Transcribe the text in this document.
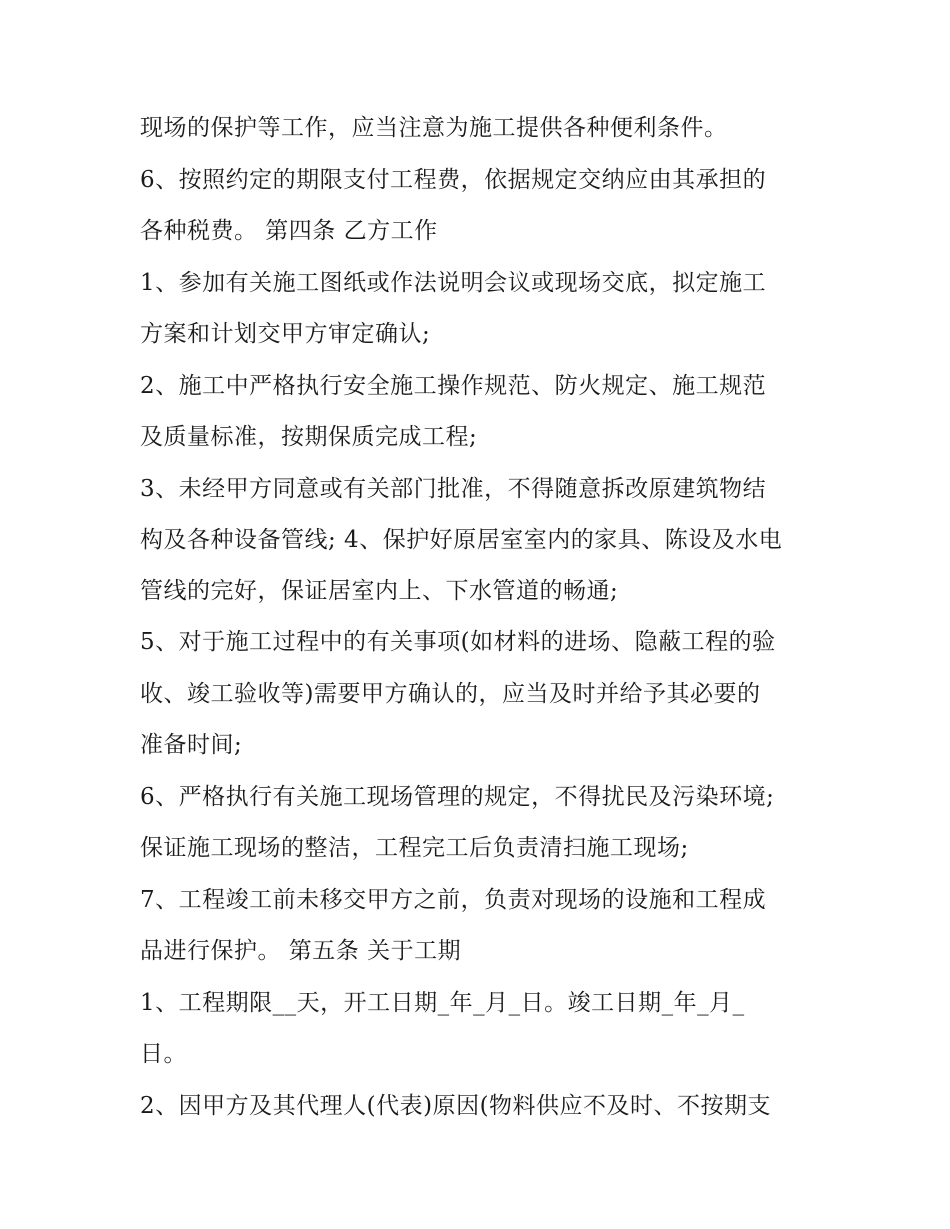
现场的保护等工作，应当注意为施工提供各种便利条件。
6、按照约定的期限支付工程费，依据规定交纳应由其承担的
各种税费。 第四条 乙方工作
1、参加有关施工图纸或作法说明会议或现场交底，拟定施工
方案和计划交甲方审定确认;
2、施工中严格执行安全施工操作规范、防火规定、施工规范
及质量标准，按期保质完成工程;
3、未经甲方同意或有关部门批准，不得随意拆改原建筑物结
构及各种设备管线; 4、保护好原居室室内的家具、陈设及水电
管线的完好，保证居室内上、下水管道的畅通;
5、对于施工过程中的有关事项(如材料的进场、隐蔽工程的验
收、竣工验收等)需要甲方确认的，应当及时并给予其必要的
准备时间;
6、严格执行有关施工现场管理的规定，不得扰民及污染环境;
保证施工现场的整洁，工程完工后负责清扫施工现场;
7、工程竣工前未移交甲方之前，负责对现场的设施和工程成
品进行保护。 第五条 关于工期
1、工程期限__天，开工日期_年_月_日。竣工日期_年_月_
日。
2、因甲方及其代理人(代表)原因(物料供应不及时、不按期支
